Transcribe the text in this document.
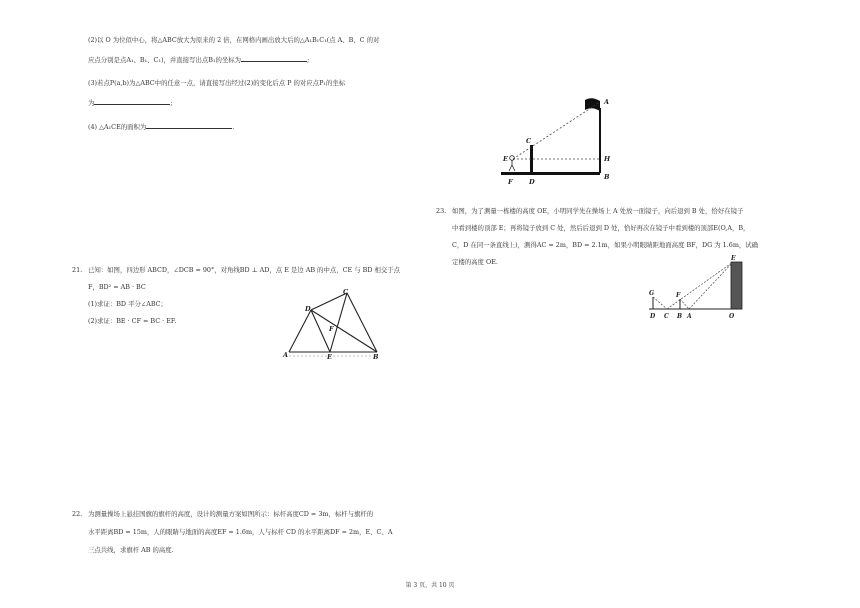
(2)以 O 为位似中心，将△ABC放大为原来的 2 倍，在网格内画出放大后的△A₁B₁C₁(点 A、B、C 的对
应点分别是点A₁、B₁、C₁)，并直接写出点B₁的坐标为	;
(3)若点P(a,b)为△ABC中的任意一点，请直接写出经过(2)的变化后点 P 的对应点P₁的坐标
为	;
(4) △A₁CE的面积为	.
21. 已知：如图，四边形 ABCD，∠DCB = 90°，对角线BD ⊥ AD，点 E 是边 AB 的中点，CE 与 BD 相交于点
F，BD² = AB · BC
(1)求证：BD 平分∠ABC；
(2)求证：BE · CF = BC · EF.
A	B
C
D
E
F
22. 为测量操场上悬挂国旗的旗杆的高度，设计的测量方案如图所示：标杆高度CD = 3m，标杆与旗杆的
水平距离BD = 15m，人的眼睛与地面的高度EF = 1.6m，人与标杆 CD 的水平距离DF = 2m，E、C、A
三点共线，求旗杆 AB 的高度.
A
B
C
D
E
F
H
23. 如图，为了测量一栋楼的高度 OE，小明同学先在操场上 A 处放一面镜子，向后退到 B 处，恰好在镜子
中看到楼的顶部 E；再将镜子放到 C 处，然后后退到 D 处，恰好再次在镜子中看到楼的顶部E(O,A，B，
C，D 在同一条直线上)，测得AC = 2m，BD = 2.1m，如果小明眼睛距地面高度 BF，DG 为 1.6m，试确
定楼的高度 OE.
G	F
E
D C B A	O
第 3 页，共 10 页
